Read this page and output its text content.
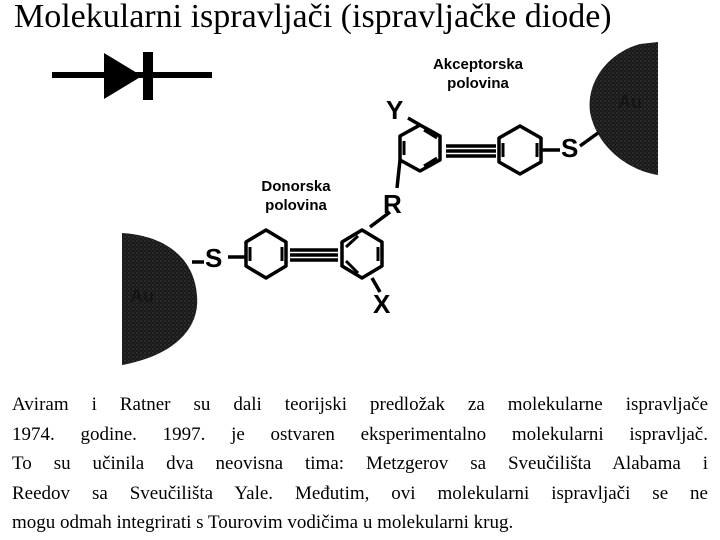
Molekularni ispravljači (ispravljačke diode)
Au
Au
Y
R
X
S
S
Akceptorska
polovina
Donorska
polovina
Aviram i Ratner su dali teorijski predložak za molekularne ispravljače
1974. godine. 1997. je ostvaren eksperimentalno molekularni ispravljač.
To su učinila dva neovisna tima: Metzgerov sa Sveučilišta Alabama i
Reedov sa Sveučilišta Yale. Međutim, ovi molekularni ispravljači se ne
mogu odmah integrirati s Tourovim vodičima u molekularni krug.
